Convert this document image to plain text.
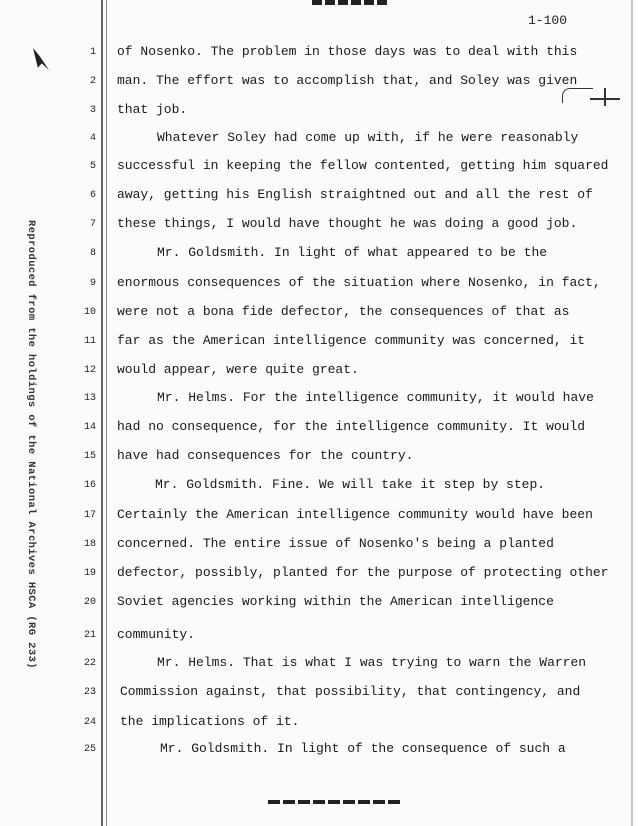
1-100
Reproduced from the holdings of the National Archives HSCA (RG 233)
1 of Nosenko. The problem in those days was to deal with this
2 man. The effort was to accomplish that, and Soley was given
3 that job.
4	Whatever Soley had come up with, if he were reasonably
5 successful in keeping the fellow contented, getting him squared
6 away, getting his English straightned out and all the rest of
7 these things, I would have thought he was doing a good job.
8	Mr. Goldsmith. In light of what appeared to be the
9 enormous consequences of the situation where Nosenko, in fact,
10 were not a bona fide defector, the consequences of that as
11 far as the American intelligence community was concerned, it
12 would appear, were quite great.
13	Mr. Helms. For the intelligence community, it would have
14 had no consequence, for the intelligence community. It would
15 have had consequences for the country.
16	Mr. Goldsmith. Fine. We will take it step by step.
17 Certainly the American intelligence community would have been
18 concerned. The entire issue of Nosenko's being a planted
19 defector, possibly, planted for the purpose of protecting other
20 Soviet agencies working within the American intelligence
21 community.
22	Mr. Helms. That is what I was trying to warn the Warren
23 Commission against, that possibility, that contingency, and
24 the implications of it.
25	Mr. Goldsmith. In light of the consequence of such a
